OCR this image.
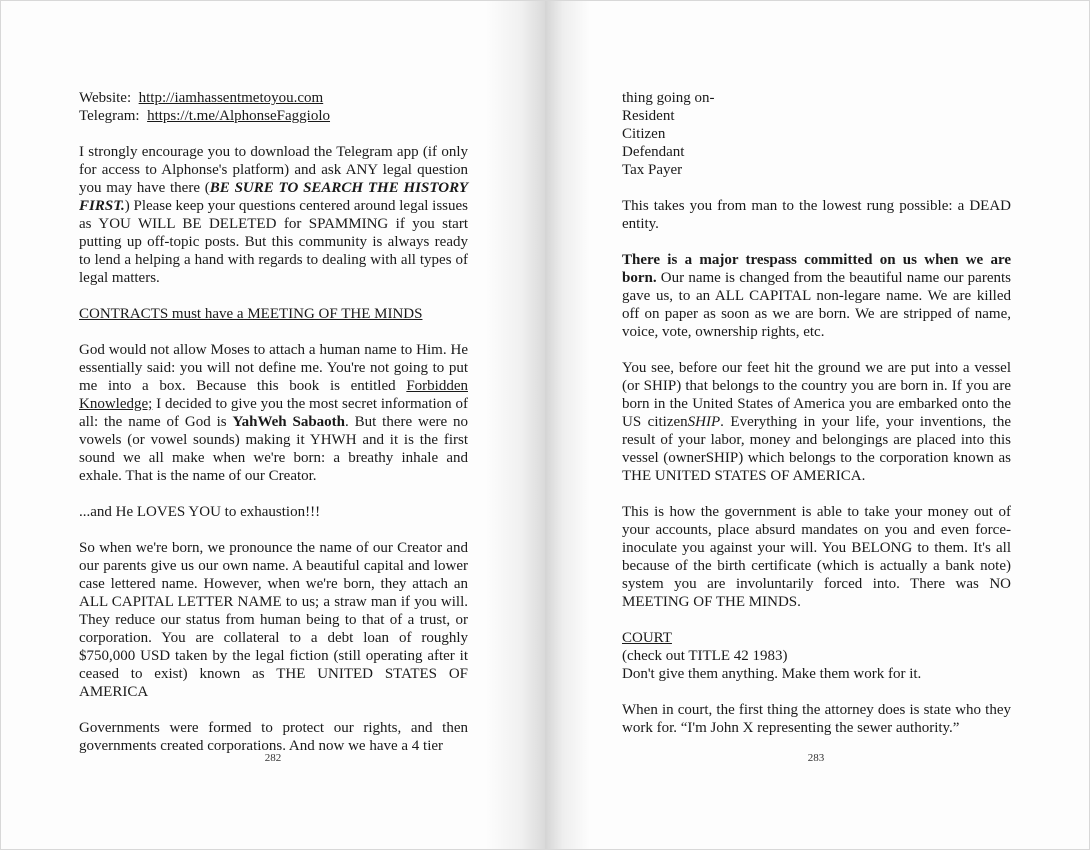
Website: http://iamhassentmetoyou.com
Telegram: https://t.me/AlphonseFaggiolo

I strongly encourage you to download the Telegram app (if only for access to Alphonse's platform) and ask ANY legal question you may have there (BE SURE TO SEARCH THE HISTORY FIRST.) Please keep your questions centered around legal issues as YOU WILL BE DELETED for SPAMMING if you start putting up off-topic posts. But this community is always ready to lend a helping a hand with regards to dealing with all types of legal matters.

CONTRACTS must have a MEETING OF THE MINDS

God would not allow Moses to attach a human name to Him. He essentially said: you will not define me. You're not going to put me into a box. Because this book is entitled Forbidden Knowledge; I decided to give you the most secret information of all: the name of God is YahWeh Sabaoth. But there were no vowels (or vowel sounds) making it YHWH and it is the first sound we all make when we're born: a breathy inhale and exhale. That is the name of our Creator.

...and He LOVES YOU to exhaustion!!!

So when we're born, we pronounce the name of our Creator and our parents give us our own name. A beautiful capital and lower case lettered name. However, when we're born, they attach an ALL CAPITAL LETTER NAME to us; a straw man if you will. They reduce our status from human being to that of a trust, or corporation. You are collateral to a debt loan of roughly $750,000 USD taken by the legal fiction (still operating after it ceased to exist) known as THE UNITED STATES OF AMERICA

Governments were formed to protect our rights, and then governments created corporations. And now we have a 4 tier

282

thing going on-
Resident
Citizen
Defendant
Tax Payer

This takes you from man to the lowest rung possible: a DEAD entity.

There is a major trespass committed on us when we are born. Our name is changed from the beautiful name our parents gave us, to an ALL CAPITAL non-legare name. We are killed off on paper as soon as we are born. We are stripped of name, voice, vote, ownership rights, etc.

You see, before our feet hit the ground we are put into a vessel (or SHIP) that belongs to the country you are born in. If you are born in the United States of America you are embarked onto the US citizenSHIP. Everything in your life, your inventions, the result of your labor, money and belongings are placed into this vessel (ownerSHIP) which belongs to the corporation known as THE UNITED STATES OF AMERICA.

This is how the government is able to take your money out of your accounts, place absurd mandates on you and even force-inoculate you against your will. You BELONG to them. It's all because of the birth certificate (which is actually a bank note) system you are involuntarily forced into. There was NO MEETING OF THE MINDS.

COURT
(check out TITLE 42 1983)
Don't give them anything. Make them work for it.

When in court, the first thing the attorney does is state who they work for. “I'm John X representing the sewer authority.”

283
